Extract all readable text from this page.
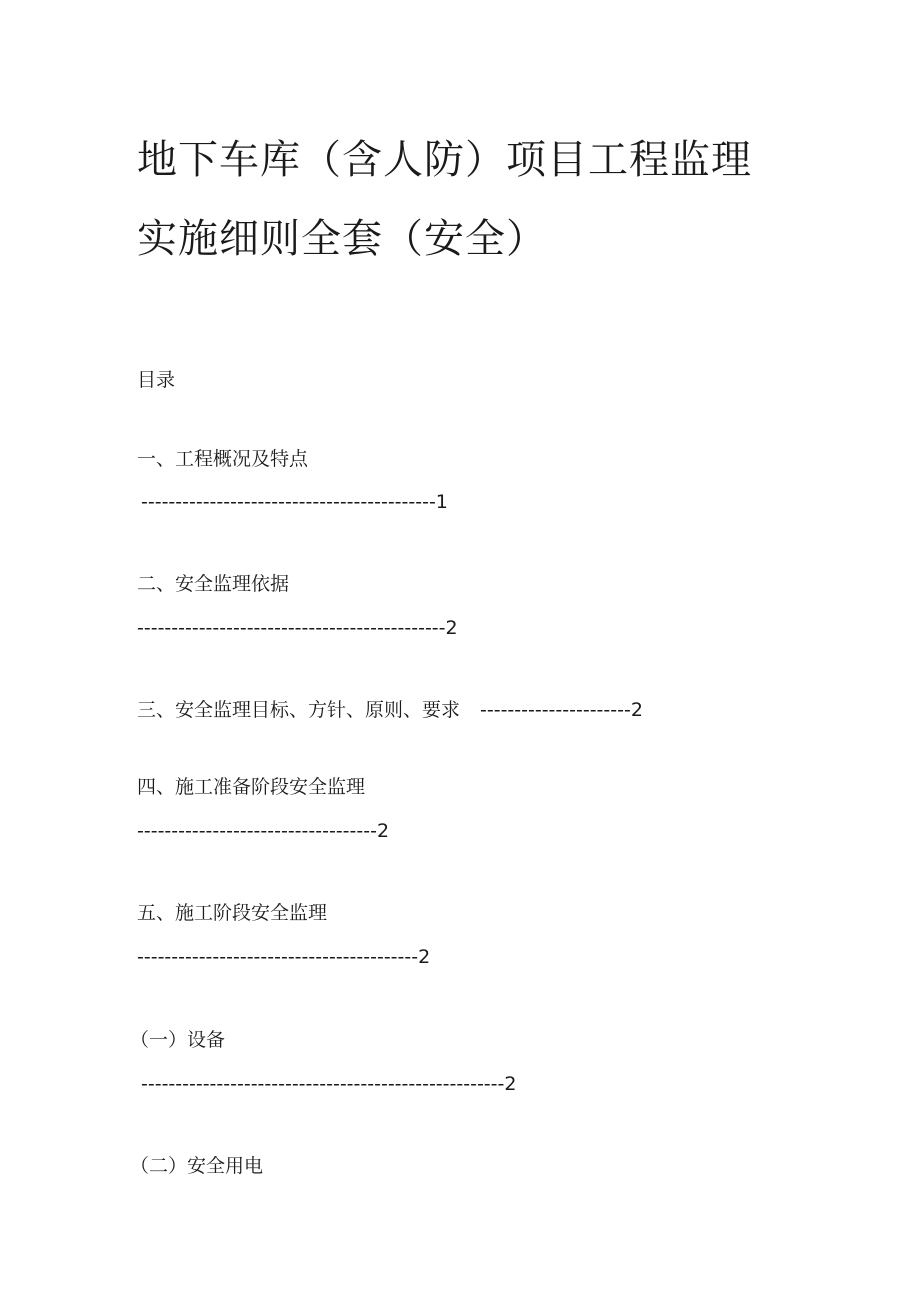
地下车库（含人防）项目工程监理
实施细则全套（安全）
目录
一、工程概况及特点
-------------------------------------------1
二、安全监理依据
---------------------------------------------2
三、安全监理目标、方针、原则、要求 ----------------------2
四、施工准备阶段安全监理
-----------------------------------2
五、施工阶段安全监理
-----------------------------------------2
（一）设备
-----------------------------------------------------2
（二）安全用电
